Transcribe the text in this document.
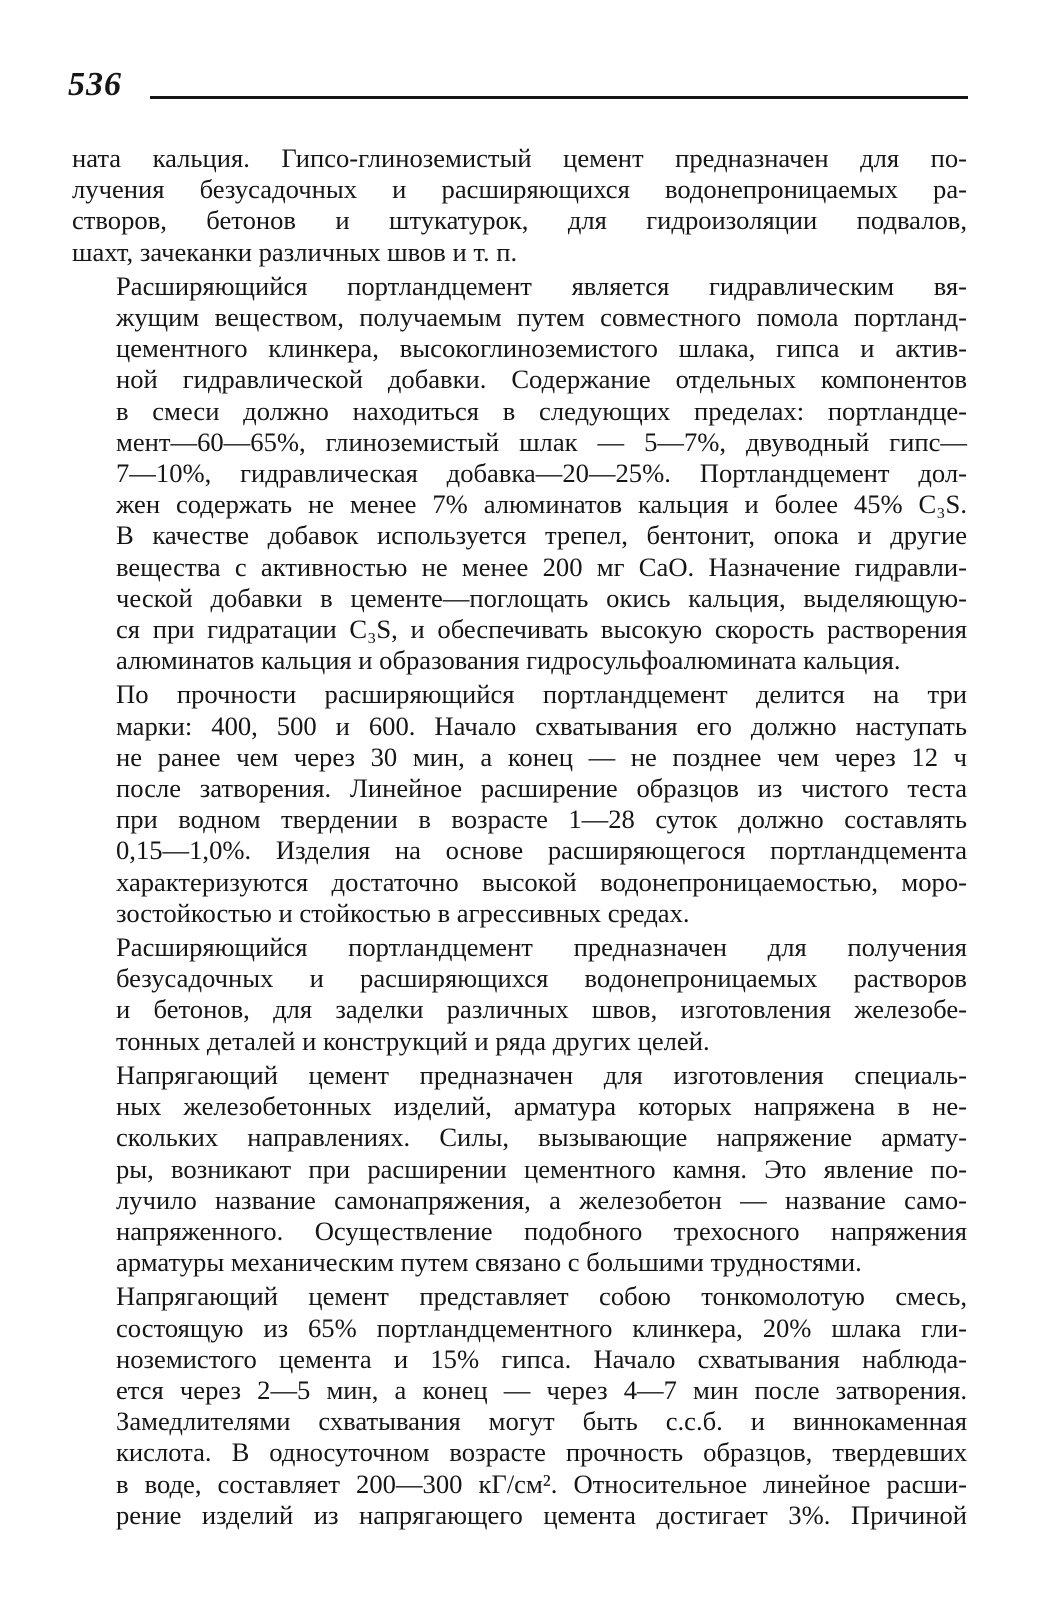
536
ната кальция. Гипсо-глиноземистый цемент предназначен для по-
лучения безусадочных и расширяющихся водонепроницаемых ра-
створов, бетонов и штукатурок, для гидроизоляции подвалов,
шахт, зачеканки различных швов и т. п.
Расширяющийся портландцемент является гидравлическим вя-
жущим веществом, получаемым путем совместного помола портланд-
цементного клинкера, высокоглиноземистого шлака, гипса и актив-
ной гидравлической добавки. Содержание отдельных компонентов
в смеси должно находиться в следующих пределах: портландце-
мент—60—65%, глиноземистый шлак — 5—7%, двуводный гипс—
7—10%, гидравлическая добавка—20—25%. Портландцемент дол-
жен содержать не менее 7% алюминатов кальция и более 45% C₃S.
В качестве добавок используется трепел, бентонит, опока и другие
вещества с активностью не менее 200 мг CaO. Назначение гидравли-
ческой добавки в цементе—поглощать окись кальция, выделяющую-
ся при гидратации C₃S, и обеспечивать высокую скорость растворения
алюминатов кальция и образования гидросульфоалюмината кальция.
По прочности расширяющийся портландцемент делится на три
марки: 400, 500 и 600. Начало схватывания его должно наступать
не ранее чем через 30 мин, а конец — не позднее чем через 12 ч
после затворения. Линейное расширение образцов из чистого теста
при водном твердении в возрасте 1—28 суток должно составлять
0,15—1,0%. Изделия на основе расширяющегося портландцемента
характеризуются достаточно высокой водонепроницаемостью, моро-
зостойкостью и стойкостью в агрессивных средах.
Расширяющийся портландцемент предназначен для получения
безусадочных и расширяющихся водонепроницаемых растворов
и бетонов, для заделки различных швов, изготовления железобе-
тонных деталей и конструкций и ряда других целей.
Напрягающий цемент предназначен для изготовления специаль-
ных железобетонных изделий, арматура которых напряжена в не-
скольких направлениях. Силы, вызывающие напряжение армату-
ры, возникают при расширении цементного камня. Это явление по-
лучило название самонапряжения, а железобетон — название само-
напряженного. Осуществление подобного трехосного напряжения
арматуры механическим путем связано с большими трудностями.
Напрягающий цемент представляет собою тонкомолотую смесь,
состоящую из 65% портландцементного клинкера, 20% шлака гли-
ноземистого цемента и 15% гипса. Начало схватывания наблюда-
ется через 2—5 мин, а конец — через 4—7 мин после затворения.
Замедлителями схватывания могут быть с.с.б. и виннокаменная
кислота. В односуточном возрасте прочность образцов, твердевших
в воде, составляет 200—300 кГ/см². Относительное линейное расши-
рение изделий из напрягающего цемента достигает 3%. Причиной
